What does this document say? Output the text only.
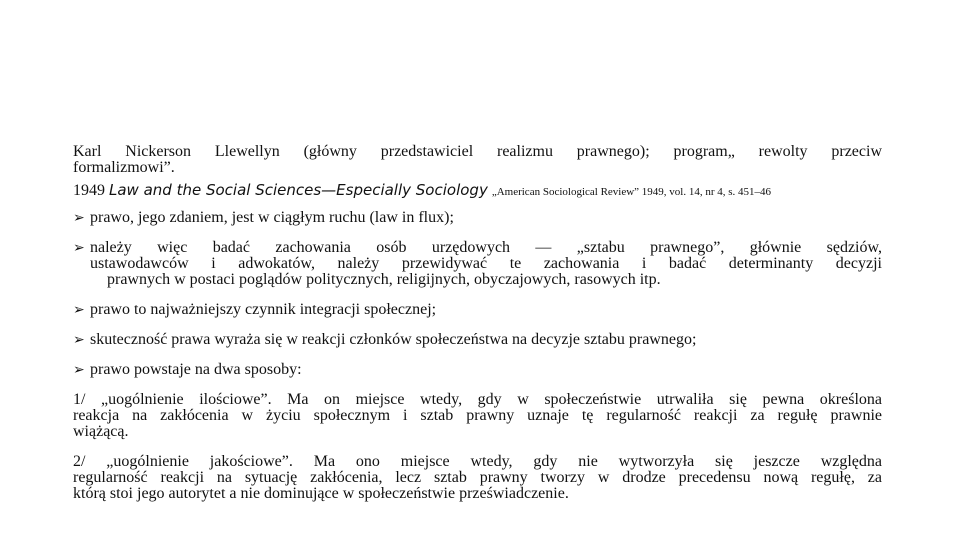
Karl Nickerson Llewellyn (główny przedstawiciel realizmu prawnego); program„ rewolty przeciw
formalizmowi”.
1949 Law and the Social Sciences—Especially Sociology „American Sociological Review” 1949, vol. 14, nr 4, s. 451–46
➢ prawo, jego zdaniem, jest w ciągłym ruchu (law in flux);
➢ należy więc badać zachowania osób urzędowych — „sztabu prawnego”, głównie sędziów,
ustawodawców i adwokatów, należy przewidywać te zachowania i badać determinanty decyzji
prawnych w postaci poglądów politycznych, religijnych, obyczajowych, rasowych itp.
➢ prawo to najważniejszy czynnik integracji społecznej;
➢ skuteczność prawa wyraża się w reakcji członków społeczeństwa na decyzje sztabu prawnego;
➢ prawo powstaje na dwa sposoby:
1/ „uogólnienie ilościowe”. Ma on miejsce wtedy, gdy w społeczeństwie utrwaliła się pewna określona
reakcja na zakłócenia w życiu społecznym i sztab prawny uznaje tę regularność reakcji za regułę prawnie
wiążącą.
2/ „uogólnienie jakościowe”. Ma ono miejsce wtedy, gdy nie wytworzyła się jeszcze względna
regularność reakcji na sytuację zakłócenia, lecz sztab prawny tworzy w drodze precedensu nową regułę, za
którą stoi jego autorytet a nie dominujące w społeczeństwie przeświadczenie.
